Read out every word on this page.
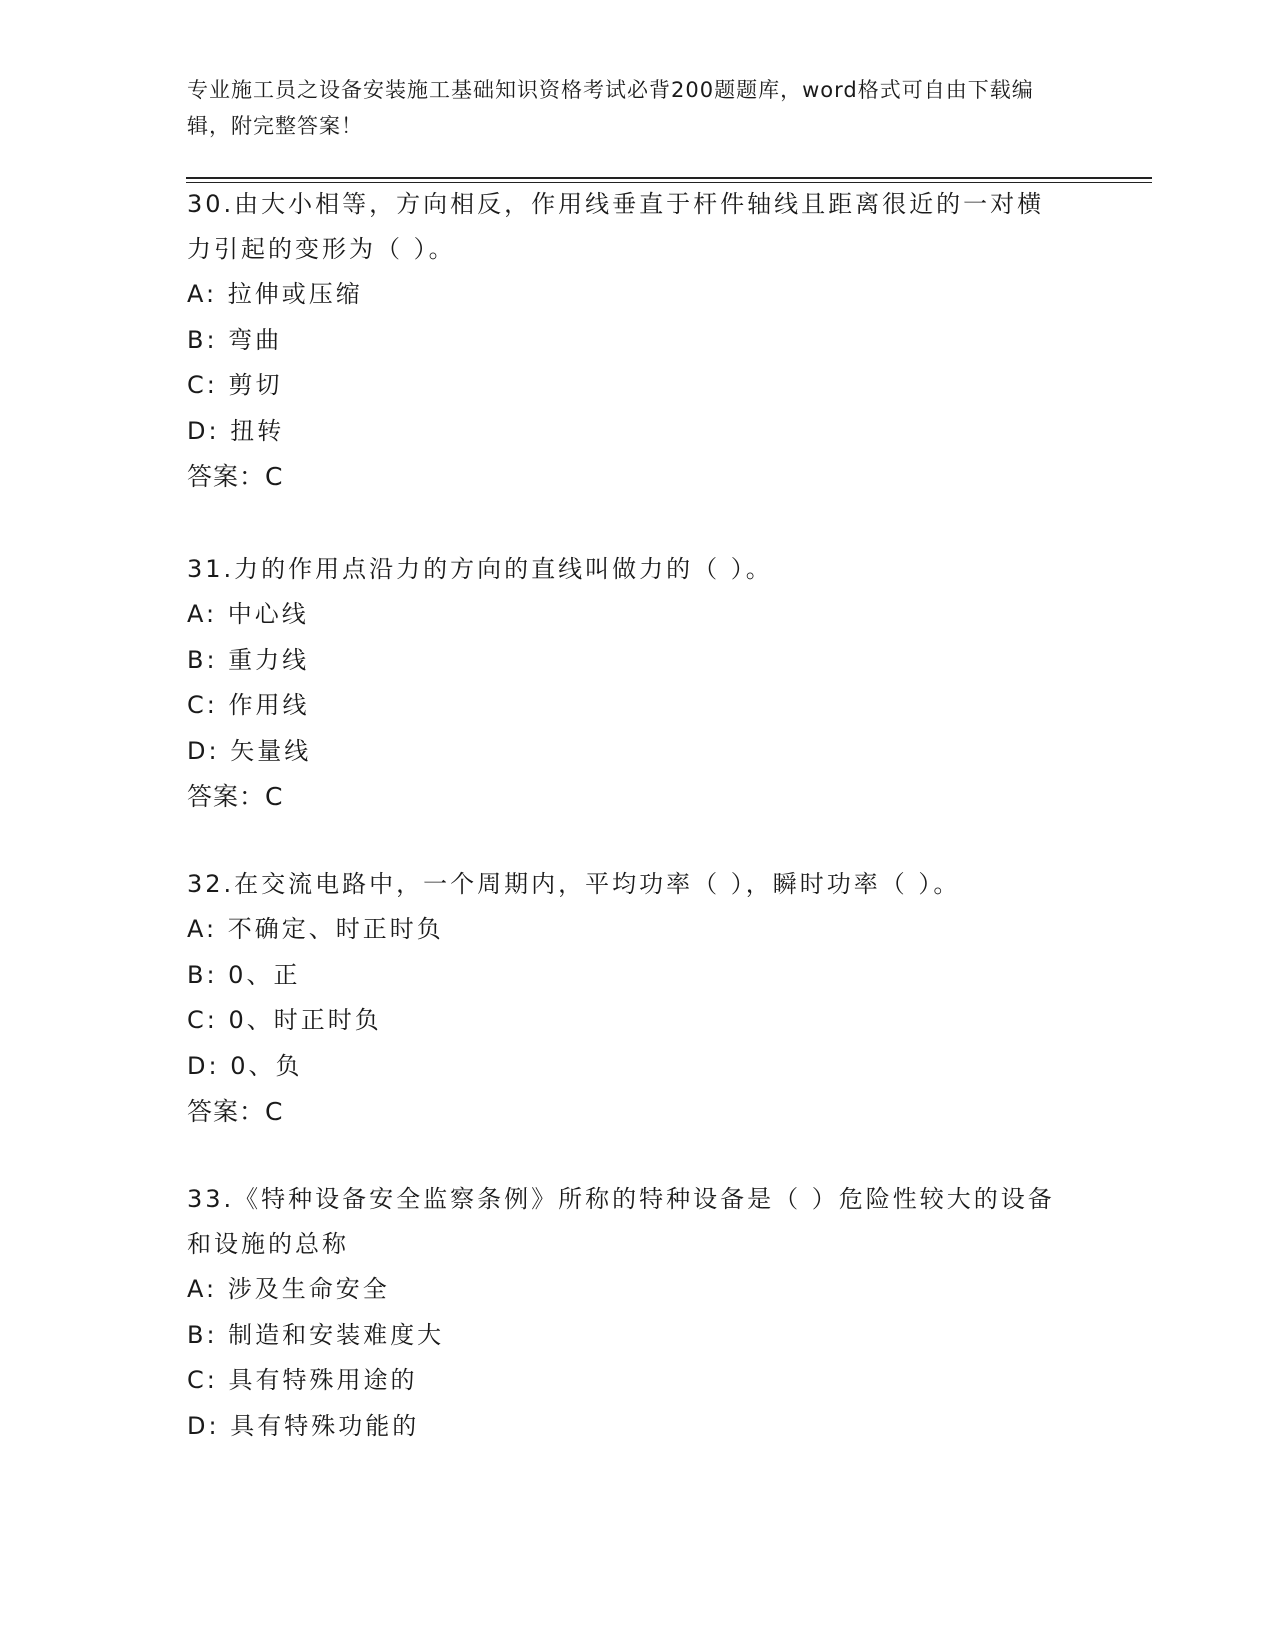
专业施工员之设备安装施工基础知识资格考试必背200题题库，word格式可自由下载编辑，附完整答案！

30.由大小相等，方向相反，作用线垂直于杆件轴线且距离很近的一对横力引起的变形为（ ）。

A: 拉伸或压缩

B: 弯曲

C: 剪切

D: 扭转

答案：C

31.力的作用点沿力的方向的直线叫做力的（ ）。

A: 中心线

B: 重力线

C: 作用线

D: 矢量线

答案：C

32.在交流电路中，一个周期内，平均功率（ ），瞬时功率（ ）。

A: 不确定、时正时负

B: 0、正

C: 0、时正时负

D: 0、负

答案：C

33.《特种设备安全监察条例》所称的特种设备是（ ）危险性较大的设备和设施的总称

A: 涉及生命安全

B: 制造和安装难度大

C: 具有特殊用途的

D: 具有特殊功能的
